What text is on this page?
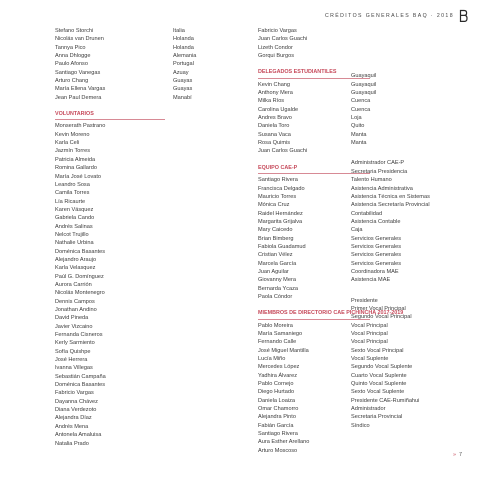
CRÉDITOS GENERALES BAQ · 2018
Stefano Storchi
Nicolás van Drunen
Tannya Pico
Anna Dhlogge
Paulo Afonso
Santiago Vanegas
Arturo Chang
María Ellena Vargas
Jean Paul Demera
VOLUNTARIOS
Monserath Pastrano
Kevin Moreno
Karla Celi
Jazmín Torres
Patricia Almeida
Romina Gallardo
María José Lovato
Leandro Sosa
Camila Torres
Lía Ricaurte
Karen Vásquez
Gabriela Cando
Andrés Salinas
Nelcot Trujillo
Nathalie Urbina
Doménica Basantes
Alejandro Araujo
Karla Velasquez
Paúl G. Domínguez
Aurora Carrión
Nicolás Montenegro
Dennis Campos
Jonathan Andino
David Pineda
Javier Vizcaino
Fernanda Cisneros
Kerly Sarmiento
Sofía Quishpe
José Herrera
Ivanna Villegas
Sebastián Campaña
Doménica Basantes
Fabricio Vargas
Dayanna Chávez
Diana Verdezoto
Alejandra Díaz
Andrés Mena
Antonela Amaluisa
Natalia Prado
Italia
Holanda
Holanda
Alemania
Portugal
Azuay
Guayas
Guayas
Manabí
Fabricio Vargas
Juan Carlos Guachi
Lizeth Condor
Gorqui Burgos
DELEGADOS ESTUDIANTILES
Kevin Chang
Anthony Mera
Milka Ríos
Carolina Ugalde
Andres Bravo
Daniela Toro
Susana Vaca
Rosa Quimis
Juan Carlos Guachi
EQUIPO CAE-P
Santiago Rivera
Francisca Delgado
Mauricio Torres
Mónica Cruz
Raidel Hernández
Margarita Grijalva
Mary Caicedo
Brian Bimberg
Fabiola Guadamud
Cristian Vélez
Marcela García
Juan Aguilar
Giovanny Mera
Bernarda Ycaza
Paola Cóndor
MIEMBROS DE DIRECTORIO CAE PICHINCHA 2017-2019
Pablo Moreira
María Samaniego
Fernando Calle
José Miguel Mantilla
Lucía Miño
Mercedes López
Yadhira Álvarez
Pablo Cornejo
Diego Hurtado
Daniela Loaiza
Omar Chamorro
Alejandra Pinto
Fabián García
Santiago Rivera
Aura Esther Arellano
Arturo Moscoso
Guayaquil
Guayaquil
Guayaquil
Cuenca
Cuenca
Loja
Quito
Manta
Manta
Administrador CAE-P
Secretaria Presidencia
Talento Humano
Asistencia Administrativa
Asistencia Técnica en Sistemas
Asistencia Secretaría Provincial
Contabilidad
Asistencia Contable
Caja
Servicios Generales
Servicios Generales
Servicios Generales
Servicios Generales
Coordinadora MAE
Asistencia MAE
Presidente
Primer Vocal Principal
Segundo Vocal Principal
Vocal Principal
Vocal Principal
Vocal Principal
Sexto Vocal Principal
Vocal Suplente
Segundo Vocal Suplente
Cuarto Vocal Suplente
Quinto Vocal Suplente
Sexto Vocal Suplente
Presidente CAE-Rumiñahui
Administrador
Secretaria Provincial
Síndico
» 7
